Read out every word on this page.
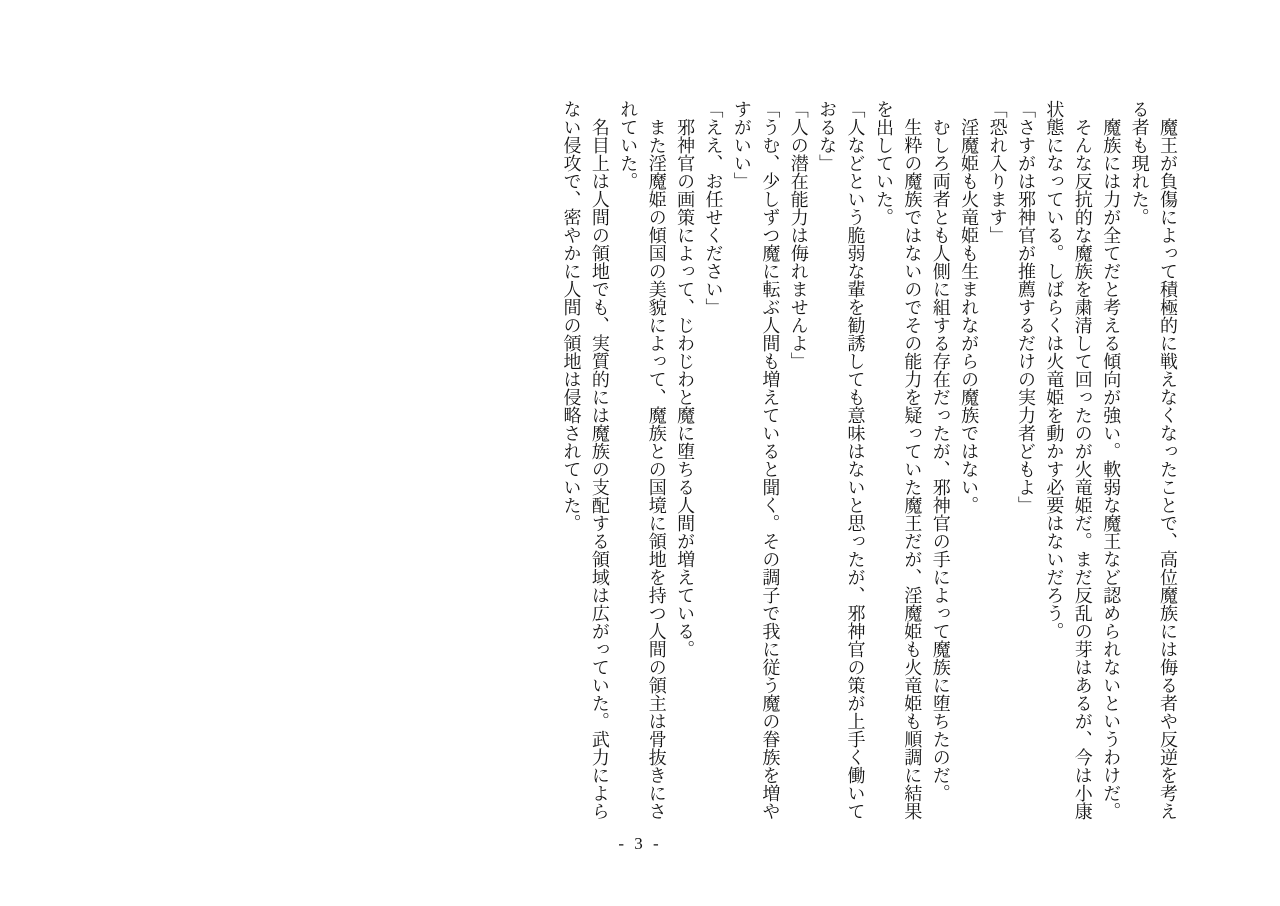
魔王が負傷によって積極的に戦えなくなったことで、高位魔族には侮る者や反逆を考え
る者も現れた。
魔族には力が全てだと考える傾向が強い。軟弱な魔王など認められないというわけだ。
そんな反抗的な魔族を粛清して回ったのが火竜姫だ。まだ反乱の芽はあるが、今は小康
状態になっている。しばらくは火竜姫を動かす必要はないだろう。
「さすがは邪神官が推薦するだけの実力者どもよ」
「恐れ入ります」
淫魔姫も火竜姫も生まれながらの魔族ではない。
むしろ両者とも人側に組する存在だったが、邪神官の手によって魔族に堕ちたのだ。
生粋の魔族ではないのでその能力を疑っていた魔王だが、淫魔姫も火竜姫も順調に結果
を出していた。
「人などという脆弱な輩を勧誘しても意味はないと思ったが、邪神官の策が上手く働いて
おるな」
「人の潜在能力は侮れませんよ」
「うむ、少しずつ魔に転ぶ人間も増えていると聞く。その調子で我に従う魔の眷族を増や
すがいい」
「ええ、お任せください」
邪神官の画策によって、じわじわと魔に堕ちる人間が増えている。
また淫魔姫の傾国の美貌によって、魔族との国境に領地を持つ人間の領主は骨抜きにさ
れていた。
名目上は人間の領地でも、実質的には魔族の支配する領域は広がっていた。武力によら
ない侵攻で、密やかに人間の領地は侵略されていた。
- 3 -
